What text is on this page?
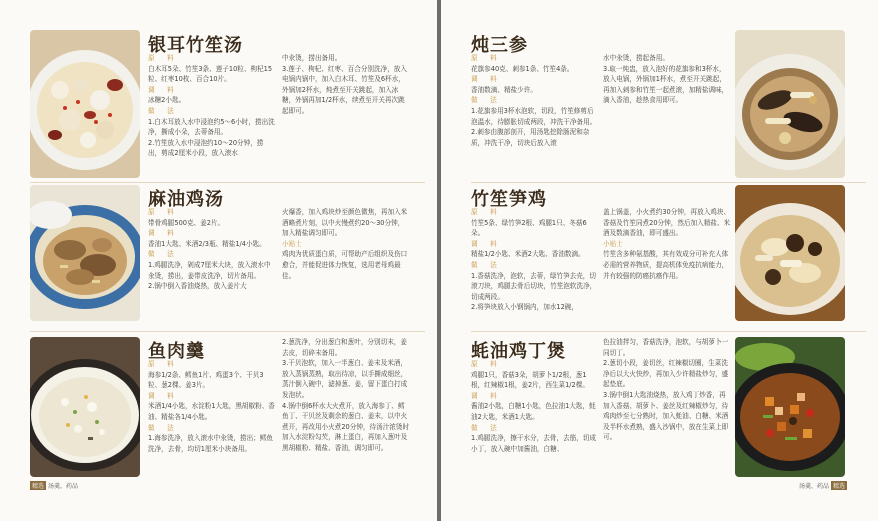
银耳竹笙汤
原　料
白木耳5朵、竹笙3条、莲子10粒、枸杞15粒、红枣10枚、百合10片。
调　料
冰糖2小匙。
做　法
1.白木耳放入水中浸泡约5～6小时，捞出洗净，撕成小朵，去蒂备用。
2.竹笙放入水中浸泡约10～20分钟，捞出，剪成2厘米小段，放入滚水
中汆烫，捞出备用。
3.莲子、枸杞、红枣、百合分别洗净，放入电锅内锅中，加入白木耳、竹笙及6杯水，外锅加2杯水，炖煮至开关跳起，加入冰糖，外锅再加1/2杯水，续煮至开关再次跳起即可。
麻油鸡汤
原　料
带骨鸡腿500克、姜2片。
调　料
香油1大匙、米酒2/3瓶、精盐1/4小匙。
做　法
1.鸡腿洗净，剁成7厘米大块，放入滚水中汆烫，捞出，姜带皮洗净，切片备用。
2.锅中倒入香油烧热，放入姜片大
火爆香，加入鸡块炒至颜色微焦，再加入米酒略煮片刻，以中火慢煮约20～30分钟，加入精盐调匀即可。
小贴士
鸡肉为优质蛋白质，可帮助产后组织及伤口愈合，并能促进体力恢复，选用老母鸡最佳。
鱼肉羹
原　料
海参1/2条、鳕鱼1片、鸡蛋3个、干贝3粒、葱2棵、姜3片。
调　料
米酒1/4小匙，水淀粉1大匙，黑胡椒粉、香油、精盐各1/4小匙。
做　法
1.海参洗净，放入滚水中汆烫，捞出；鳕鱼洗净，去骨，均切1厘米小块备用。
2.葱洗净，分出葱白和葱叶，分别切末，姜去皮，切碎末备用。
3.干贝泡软，加入一半葱白、姜末及米酒，放入蒸锅蒸熟，取出待凉，以手撕成细丝，蒸汁倒入碗中，滤掉葱、姜，留下蛋白打成发泡状。
4.锅中倒6杯水大火煮开，放入海参丁、鳕鱼丁、干贝丝及剩余的葱白、姜末，以中火煮开，再改用小火煮20分钟，待汤汁浓烫时加入水淀粉勾芡，淋上蛋白，再加入葱叶及黑胡椒粉、精盐、香油，调匀即可。
精选 汤羹、药品
炖三参
原　料
花旗参40克、刺参1条、竹笙4条。
调　料
香油数滴、精盐少许。
做　法
1.花旗参用3杯水泡软，切段，竹笙修剪后泡温水，待膨胀切成两段，冲洗干净备用。
2.刺参由腹部剖开，用汤匙挖除肠泥和杂质，冲洗干净，切块后放入滚
水中汆烫，捞起备用。
3.取一炖盅，放入泡好的花旗参和3杯水，放入电锅，外锅加1杯水，煮至开关跳起，再加入刺参和竹笙一起煮滚，加精盐调味，滴入香油，趁热食用即可。
竹笙笋鸡
原　料
竹笙5条、绿竹笋2根、鸡腿1只、冬菇6朵。
调　料
精盐1/2小匙、米酒2大匙、香油数滴。
做　法
1.香菇洗净，泡软，去蒂，绿竹笋去壳，切滚刀块，鸡腿去骨后切块，竹笙泡软洗净，切成两段。
2.将笋块放入小钢锅内，加水12碗，
盖上锅盖，小火煮约30分钟，再放入鸡块、香菇及竹笙同煮20分钟，然后加入精盐、米酒及数滴香油，即可盛出。
小贴士
竹笙含多种氨基酸，其有效成分可补充人体必需的营养物质，提高机体免疫抗病能力，并有较强的防癌抗癌作用。
蚝油鸡丁煲
原　料
鸡腿1只，香菇3朵，胡萝卜1/2根，葱1根，红辣椒1根，姜2片，西生菜1/2棵。
调　料
酱油2小匙，白糖1小匙，色拉油1大匙，蚝油2大匙，米酒1大匙。
做　法
1.鸡腿洗净，擦干水分，去骨，去筋，切成小丁，放入碗中加酱油，白糖、
色拉油拌匀，香菇洗净，泡软，与胡萝卜一同切丁。
2.葱切小段，姜切丝，红辣椒切圈，生菜洗净后以大火快炒，再加入少许精盐炒匀，盛起垫底。
3.锅中倒1大匙油烧热，放入鸡丁炒香，再加入香菇、胡萝卜、姜丝及红辣椒炒匀，待鸡肉炒至七分熟时，加入蚝油、白糖、米酒及半杯水煮熟，盛入沙锅中，放在生菜上即可。
汤羹、药品 精选
